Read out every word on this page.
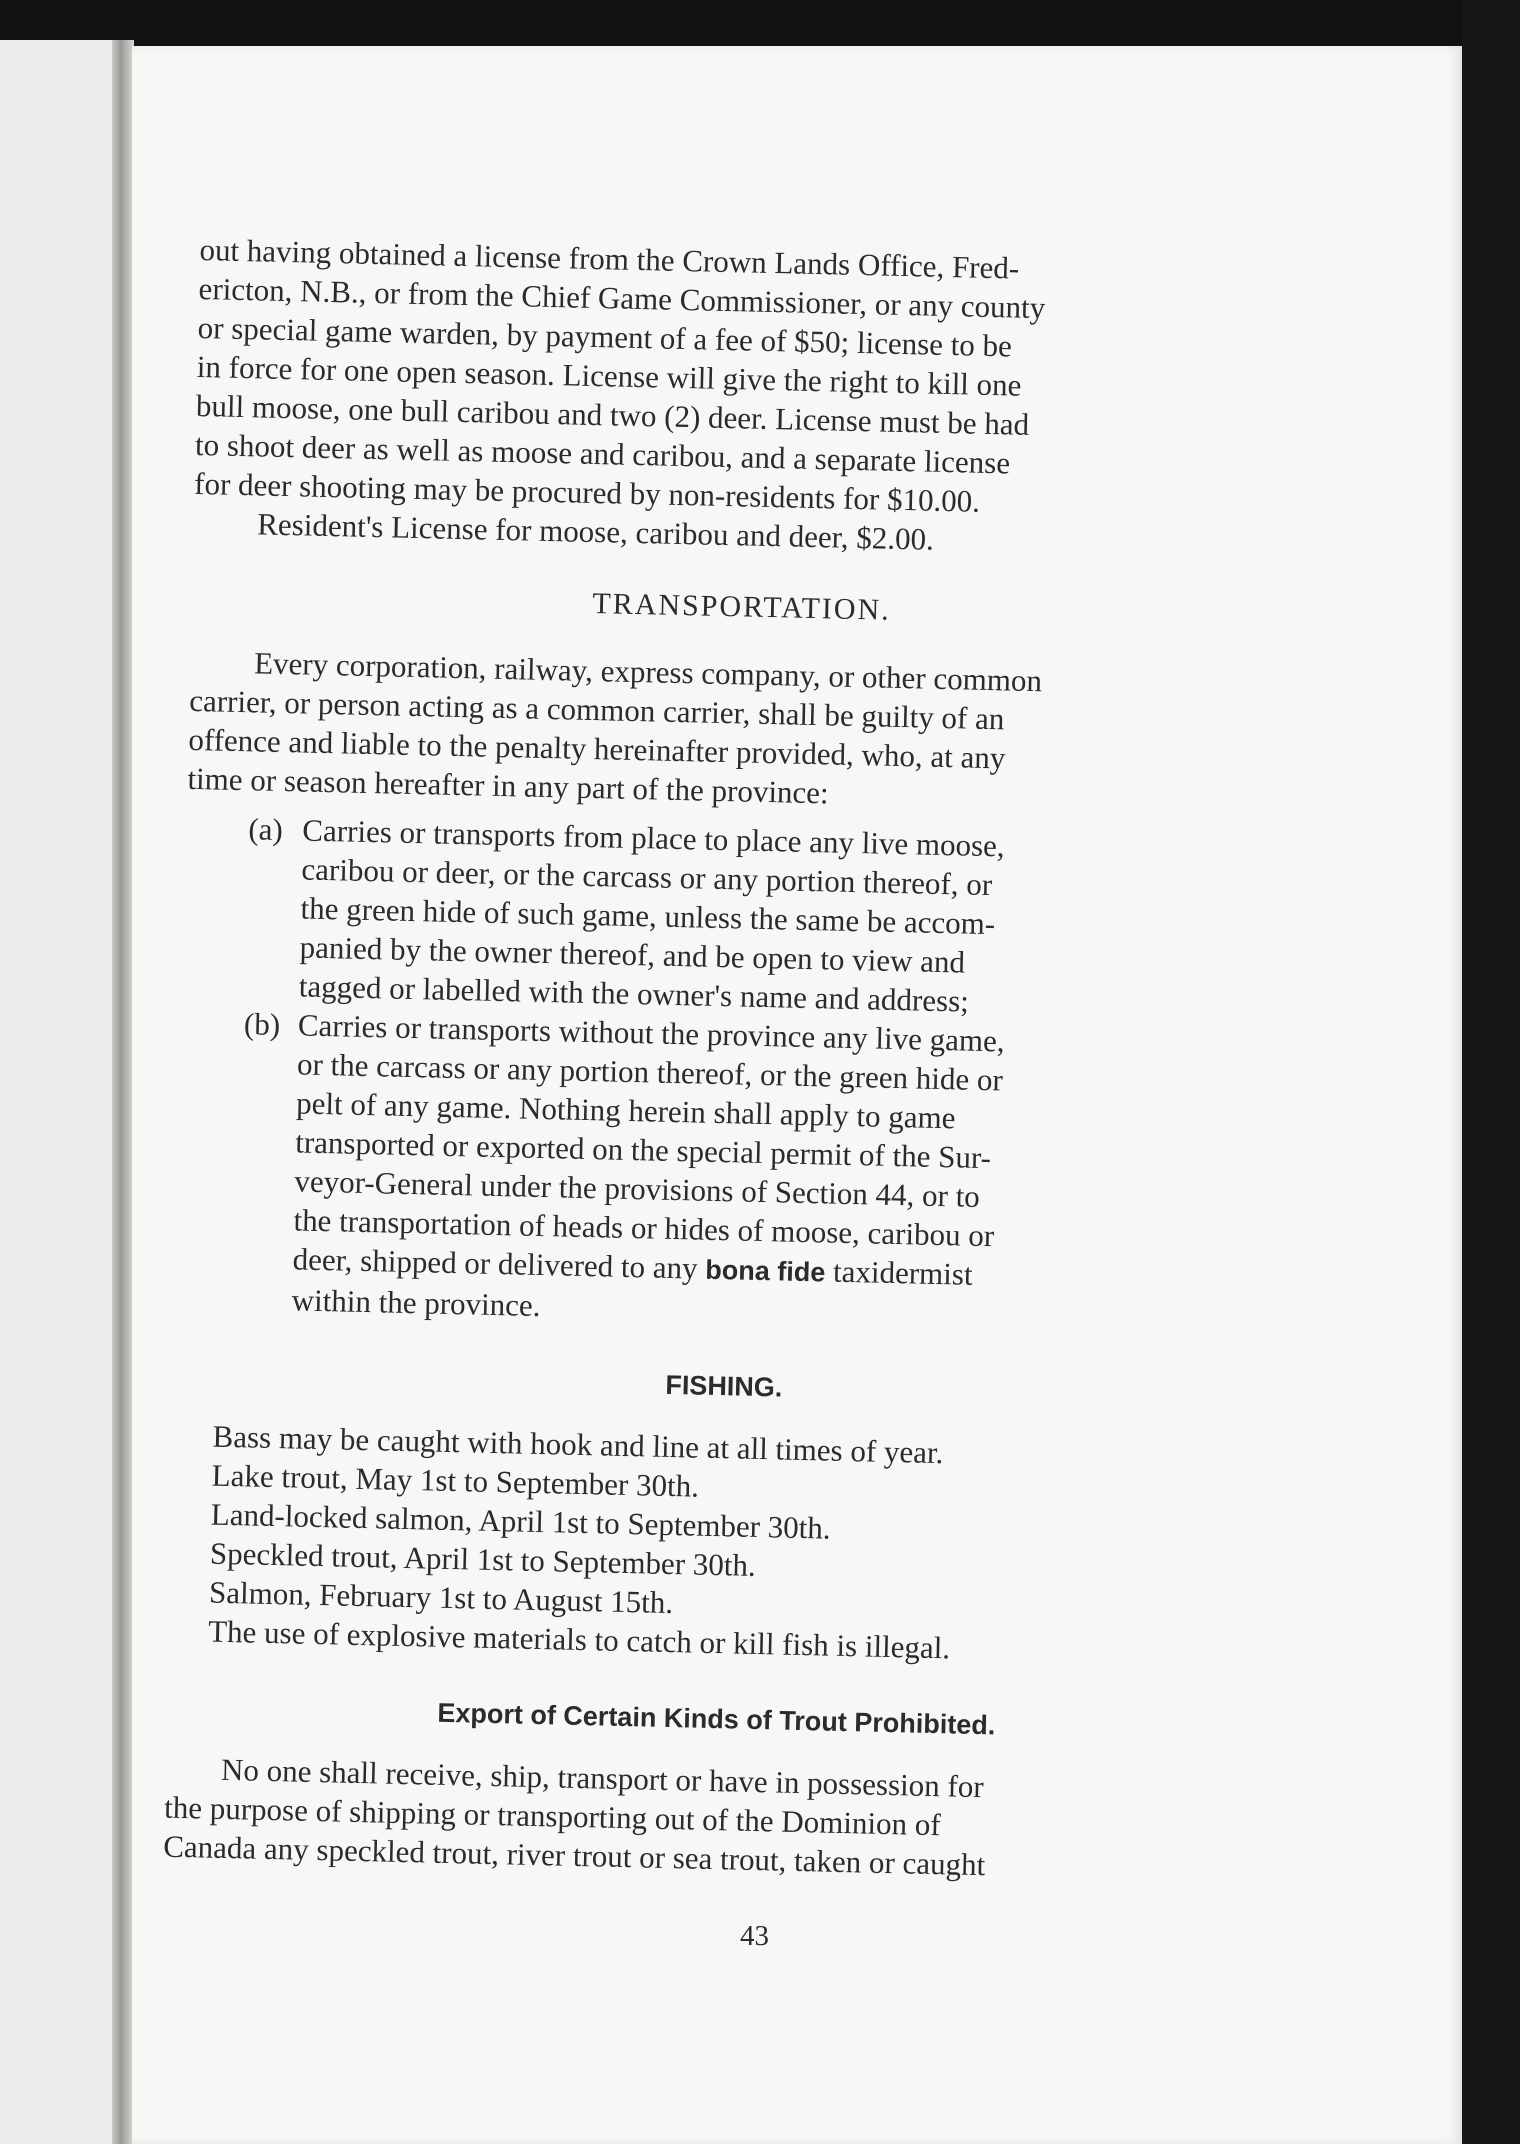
out having obtained a license from the Crown Lands Office, Fred-
ericton, N.B., or from the Chief Game Commissioner, or any county
or special game warden, by payment of a fee of $50; license to be
in force for one open season. License will give the right to kill one
bull moose, one bull caribou and two (2) deer. License must be had
to shoot deer as well as moose and caribou, and a separate license
for deer shooting may be procured by non-residents for $10.00.
Resident's License for moose, caribou and deer, $2.00.
TRANSPORTATION.
Every corporation, railway, express company, or other common
carrier, or person acting as a common carrier, shall be guilty of an
offence and liable to the penalty hereinafter provided, who, at any
time or season hereafter in any part of the province:
(a) Carries or transports from place to place any live moose,
caribou or deer, or the carcass or any portion thereof, or
the green hide of such game, unless the same be accom-
panied by the owner thereof, and be open to view and
tagged or labelled with the owner's name and address;
(b) Carries or transports without the province any live game,
or the carcass or any portion thereof, or the green hide or
pelt of any game. Nothing herein shall apply to game
transported or exported on the special permit of the Sur-
veyor-General under the provisions of Section 44, or to
the transportation of heads or hides of moose, caribou or
deer, shipped or delivered to any bona fide taxidermist
within the province.
FISHING.
Bass may be caught with hook and line at all times of year.
Lake trout, May 1st to September 30th.
Land-locked salmon, April 1st to September 30th.
Speckled trout, April 1st to September 30th.
Salmon, February 1st to August 15th.
The use of explosive materials to catch or kill fish is illegal.
Export of Certain Kinds of Trout Prohibited.
No one shall receive, ship, transport or have in possession for
the purpose of shipping or transporting out of the Dominion of
Canada any speckled trout, river trout or sea trout, taken or caught
43
